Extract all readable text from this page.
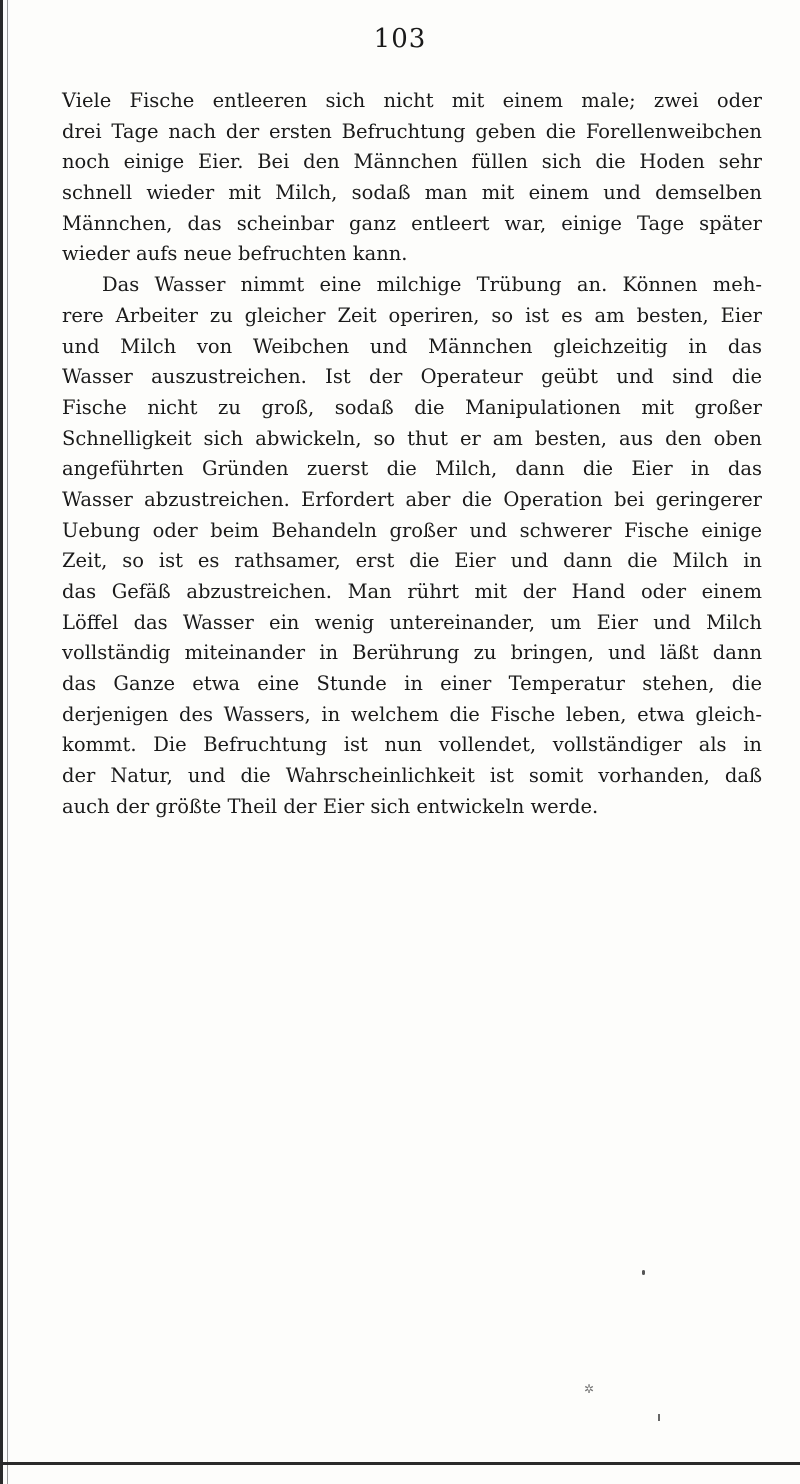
103
Viele Fische entleeren sich nicht mit einem male; zwei oder
drei Tage nach der ersten Befruchtung geben die Forellenweibchen
noch einige Eier. Bei den Männchen füllen sich die Hoden sehr
schnell wieder mit Milch, sodaß man mit einem und demselben
Männchen, das scheinbar ganz entleert war, einige Tage später
wieder aufs neue befruchten kann.
Das Wasser nimmt eine milchige Trübung an. Können meh-
rere Arbeiter zu gleicher Zeit operiren, so ist es am besten, Eier
und Milch von Weibchen und Männchen gleichzeitig in das
Wasser auszustreichen. Ist der Operateur geübt und sind die
Fische nicht zu groß, sodaß die Manipulationen mit großer
Schnelligkeit sich abwickeln, so thut er am besten, aus den oben
angeführten Gründen zuerst die Milch, dann die Eier in das
Wasser abzustreichen. Erfordert aber die Operation bei geringerer
Uebung oder beim Behandeln großer und schwerer Fische einige
Zeit, so ist es rathsamer, erst die Eier und dann die Milch in
das Gefäß abzustreichen. Man rührt mit der Hand oder einem
Löffel das Wasser ein wenig untereinander, um Eier und Milch
vollständig miteinander in Berührung zu bringen, und läßt dann
das Ganze etwa eine Stunde in einer Temperatur stehen, die
derjenigen des Wassers, in welchem die Fische leben, etwa gleich-
kommt. Die Befruchtung ist nun vollendet, vollständiger als in
der Natur, und die Wahrscheinlichkeit ist somit vorhanden, daß
auch der größte Theil der Eier sich entwickeln werde.
✲
